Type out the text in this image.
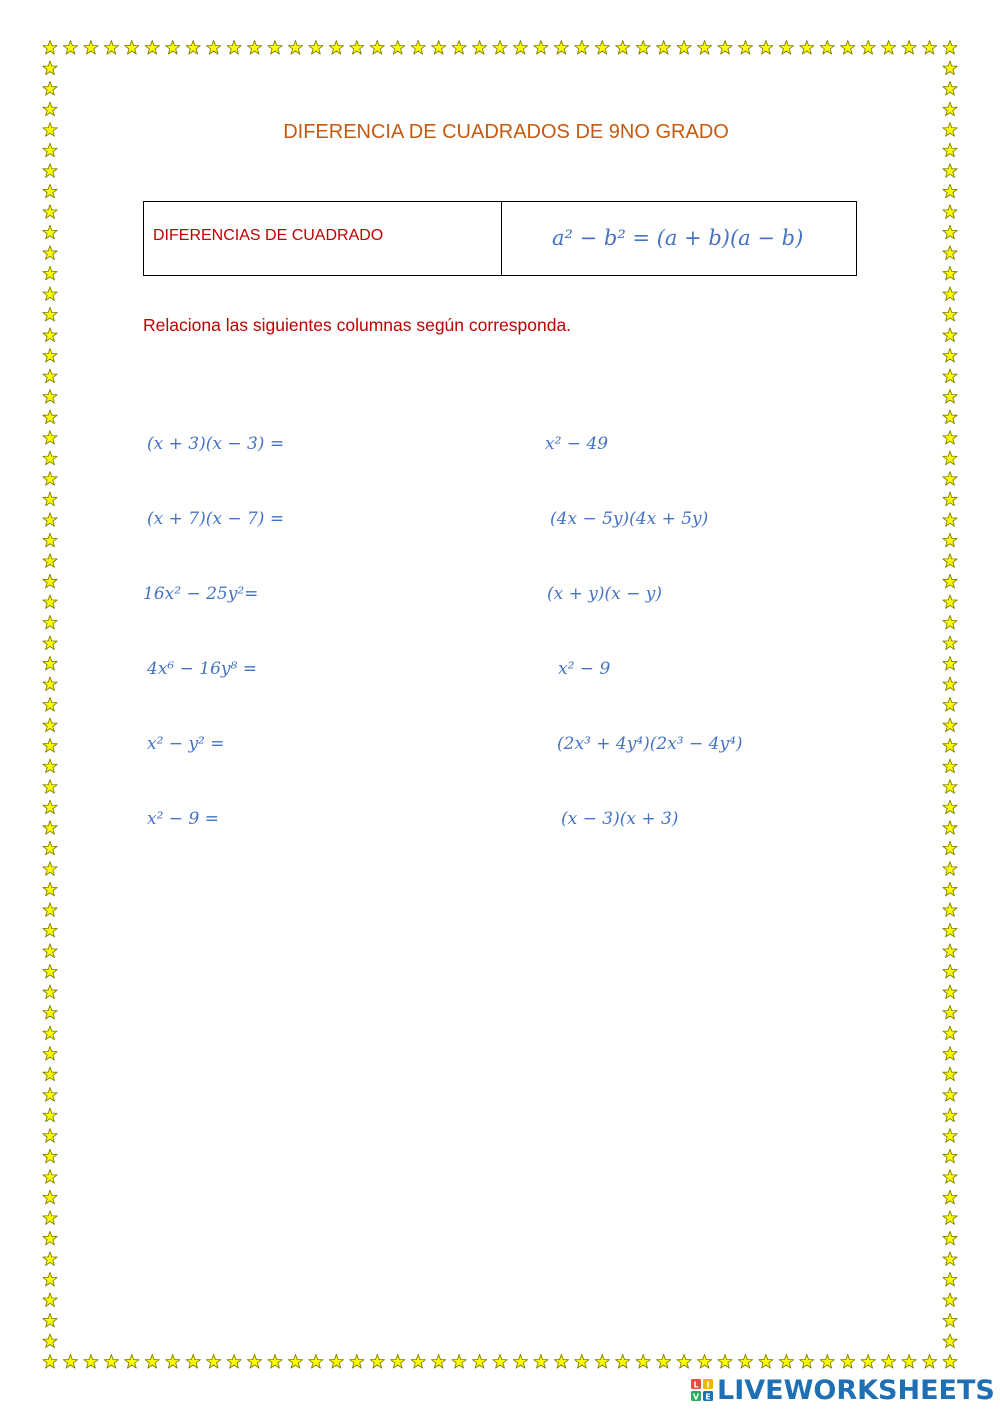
DIFERENCIA DE CUADRADOS DE 9NO GRADO
DIFERENCIAS DE CUADRADO	a² − b² = (a + b)(a − b)
Relaciona las siguientes columnas según corresponda.
(x + 3)(x − 3) =
(x + 7)(x − 7) =
16x² − 25y²=
4x⁶ − 16y⁸ =
x² − y² =
x² − 9 =
x² − 49
(4x − 5y)(4x + 5y)
(x + y)(x − y)
x² − 9
(2x³ + 4y⁴)(2x³ − 4y⁴)
(x − 3)(x + 3)
L I
V E LIVEWORKSHEETS
